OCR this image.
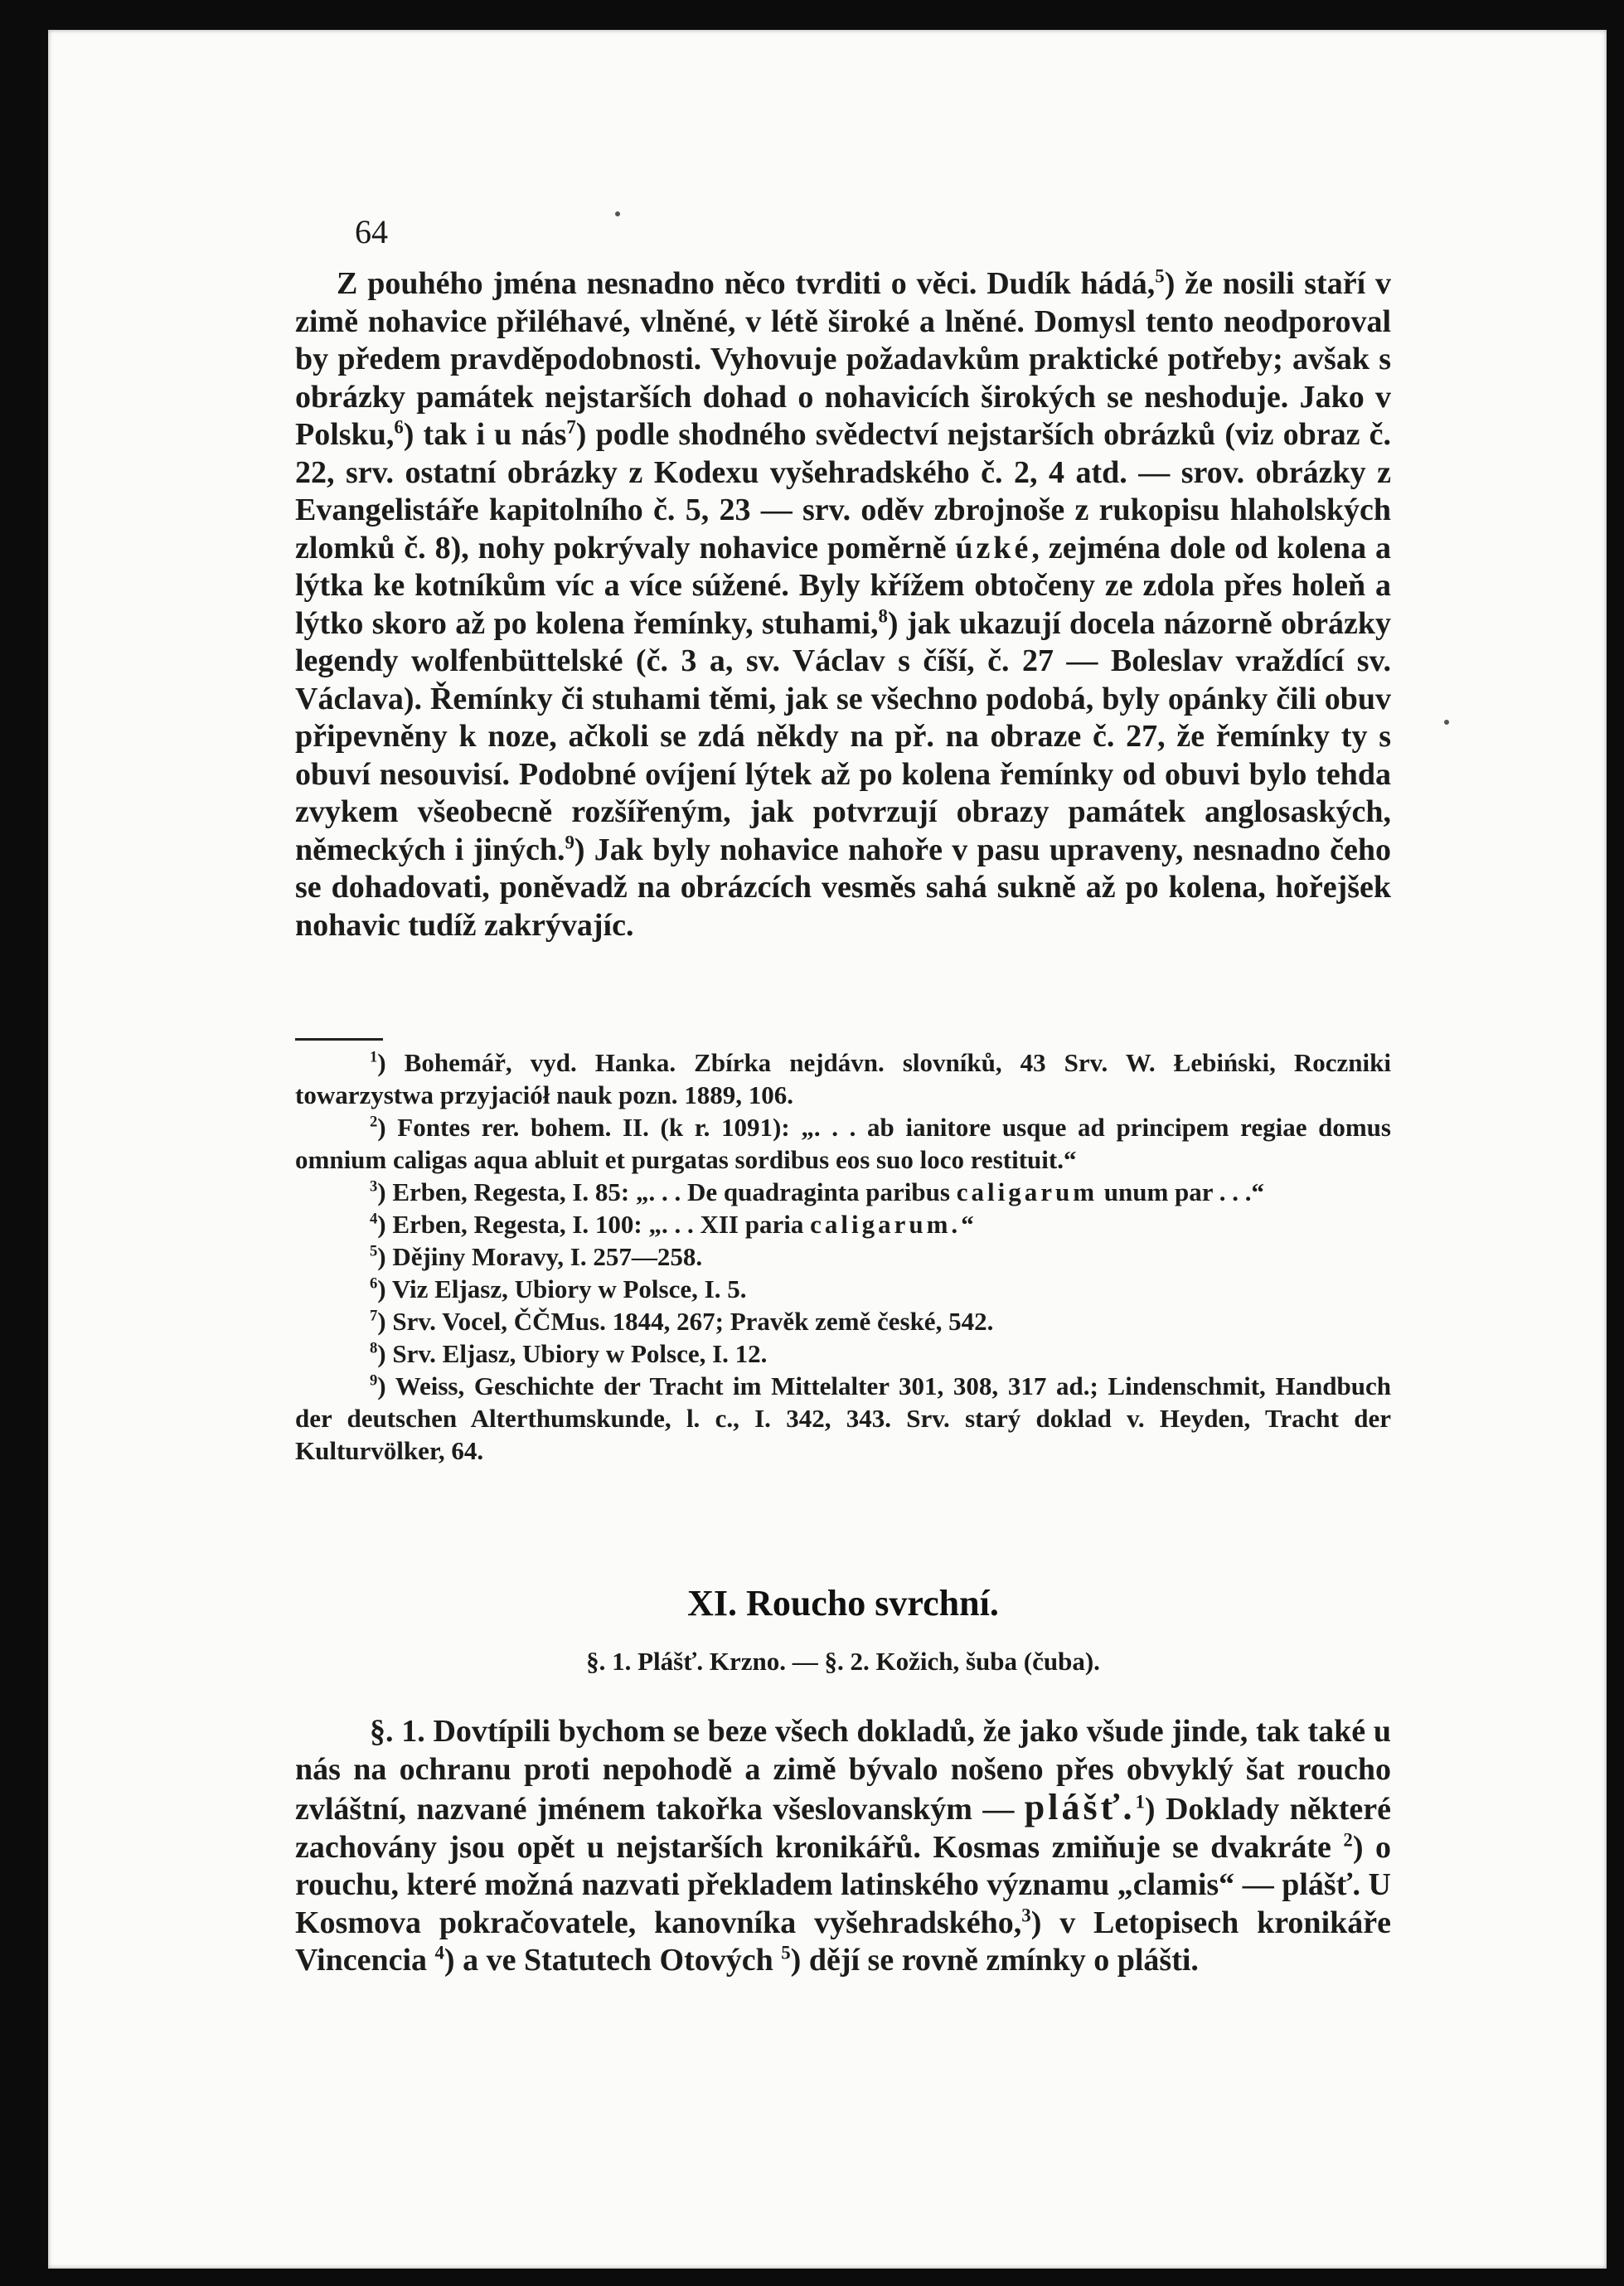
64

Z pouhého jména nesnadno něco tvrditi o věci. Dudík hádá,$^5$) že nosili staří v zimě nohavice přiléhavé, vlněné, v létě široké a lněné. Domysl tento neodporoval by předem pravděpodobnosti. Vyhovuje požadavkům praktické potřeby; avšak s obrázky památek nejstarších dohad o nohavicích širokých se neshoduje. Jako v Polsku,$^6$) tak i u nás$^7$) podle shodného svědectví nejstarších obrázků (viz obraz č. 22, srv. ostatní obrázky z Kodexu vyšehradského č. 2, 4 atd. — srov. obrázky z Evangelistáře kapitolního č. 5, 23 — srv. oděv zbrojnoše z rukopisu hlaholských zlomků č. 8), nohy pokrývaly nohavice poměrně úzké, zejména dole od kolena a lýtka ke kotníkům víc a více súžené. Byly křížem obtočeny ze zdola přes holeň a lýtko skoro až po kolena řemínky, stuhami,$^8$) jak ukazují docela názorně obrázky legendy wolfenbüttelské (č. 3 a, sv. Václav s číší, č. 27 — Boleslav vraždící sv. Václava). Řemínky či stuhami těmi, jak se všechno podobá, byly opánky čili obuv připevněny k noze, ačkoli se zdá někdy na př. na obraze č. 27, že řemínky ty s obuví nesouvisí. Podobné ovíjení lýtek až po kolena řemínky od obuvi bylo tehda zvykem všeobecně rozšířeným, jak potvrzují obrazy památek anglosaských, německých i jiných.$^9$) Jak byly nohavice nahoře v pasu upraveny, nesnadno čeho se dohadovati, poněvadž na obrázcích vesměs sahá sukně až po kolena, hořejšek nohavic tudíž zakrývajíc.

$^1$) Bohemář, vyd. Hanka. Zbírka nejdávn. slovníků, 43 Srv. W. Łebiński, Roczniki towarzystwa przyjaciół nauk pozn. 1889, 106.
$^2$) Fontes rer. bohem. II. (k r. 1091): „. . . ab ianitore usque ad principem regiae domus omnium caligas aqua abluit et purgatas sordibus eos suo loco restituit.“
$^3$) Erben, Regesta, I. 85: „. . . De quadraginta paribus caligarum unum par . . .“
$^4$) Erben, Regesta, I. 100: „. . . XII paria caligarum.“
$^5$) Dějiny Moravy, I. 257—258.
$^6$) Viz Eljasz, Ubiory w Polsce, I. 5.
$^7$) Srv. Vocel, ČČMus. 1844, 267; Pravěk země české, 542.
$^8$) Srv. Eljasz, Ubiory w Polsce, I. 12.
$^9$) Weiss, Geschichte der Tracht im Mittelalter 301, 308, 317 ad.; Lindenschmit, Handbuch der deutschen Alterthumskunde, l. c., I. 342, 343. Srv. starý doklad v. Heyden, Tracht der Kulturvölker, 64.
XI. Roucho svrchní.
§. 1. Plášť. Krzno. — §. 2. Kožich, šuba (čuba).

§. 1. Dovtípili bychom se beze všech dokladů, že jako všude jinde, tak také u nás na ochranu proti nepohodě a zimě bývalo nošeno přes obvyklý šat roucho zvláštní, nazvané jménem takořka všeslovanským — plášť.$^1$) Doklady některé zachovány jsou opět u nejstarších kronikářů. Kosmas zmiňuje se dvakráte $^2$) o rouchu, které možná nazvati překladem latinského významu „clamis“ — plášť. U Kosmova pokračovatele, kanovníka vyšehradského,$^3$) v Letopisech kronikáře Vincencia $^4$) a ve Statutech Otových $^5$) dějí se rovně zmínky o plášti.
